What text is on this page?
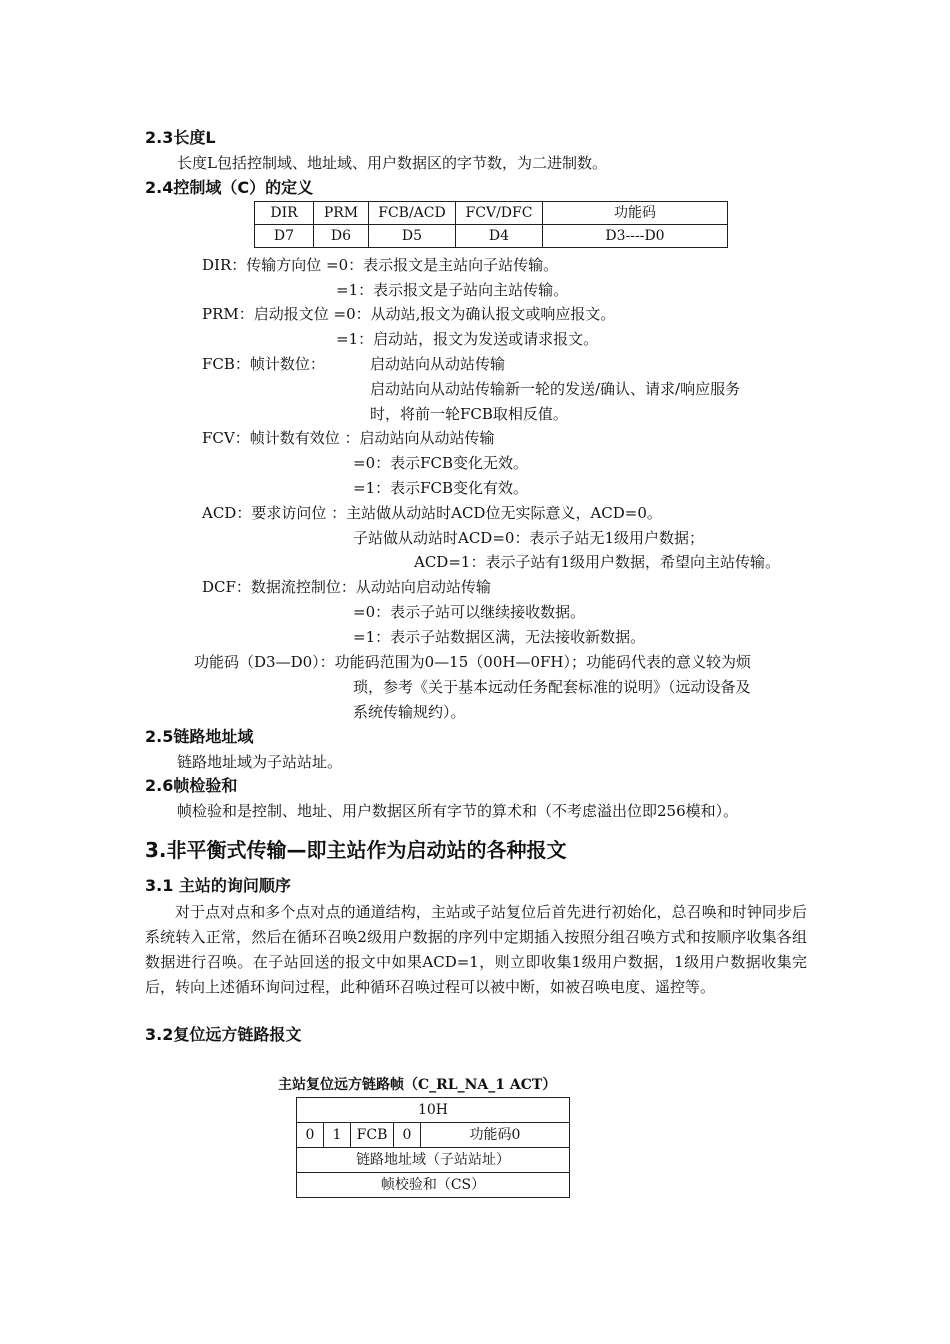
2.3长度L
长度L包括控制域、地址域、用户数据区的字节数，为二进制数。
2.4控制域（C）的定义
DIR	PRM	FCB/ACD	FCV/DFC	功能码
D7	D6	D5	D4	D3----D0
DIR：传输方向位 =0：表示报文是主站向子站传输。
=1：表示报文是子站向主站传输。
PRM：启动报文位 =0：从动站,报文为确认报文或响应报文。
=1：启动站，报文为发送或请求报文。
FCB：帧计数位：	启动站向从动站传输
启动站向从动站传输新一轮的发送/确认、请求/响应服务
时，将前一轮FCB取相反值。
FCV：帧计数有效位 ：启动站向从动站传输
=0：表示FCB变化无效。
=1：表示FCB变化有效。
ACD：要求访问位 ：主站做从动站时ACD位无实际意义，ACD=0。
子站做从动站时ACD=0：表示子站无1级用户数据；
ACD=1：表示子站有1级用户数据，希望向主站传输。
DCF：数据流控制位：从动站向启动站传输
=0：表示子站可以继续接收数据。
=1：表示子站数据区满，无法接收新数据。
功能码（D3—D0）：功能码范围为0—15（00H—0FH）；功能码代表的意义较为烦
琐，参考《关于基本远动任务配套标准的说明》（远动设备及
系统传输规约）。
2.5链路地址域
链路地址域为子站站址。
2.6帧检验和
帧检验和是控制、地址、用户数据区所有字节的算术和（不考虑溢出位即256模和）。
3.非平衡式传输—即主站作为启动站的各种报文
3.1 主站的询问顺序
对于点对点和多个点对点的通道结构，主站或子站复位后首先进行初始化，总召唤和时钟同步后系统转入正常，然后在循环召唤2级用户数据的序列中定期插入按照分组召唤方式和按顺序收集各组数据进行召唤。在子站回送的报文中如果ACD=1，则立即收集1级用户数据，1级用户数据收集完后，转向上述循环询问过程，此种循环召唤过程可以被中断，如被召唤电度、遥控等。
3.2复位远方链路报文
主站复位远方链路帧（C_RL_NA_1 ACT）
10H
0	1	FCB	0	功能码0
链路地址域（子站站址）
帧校验和（CS）
